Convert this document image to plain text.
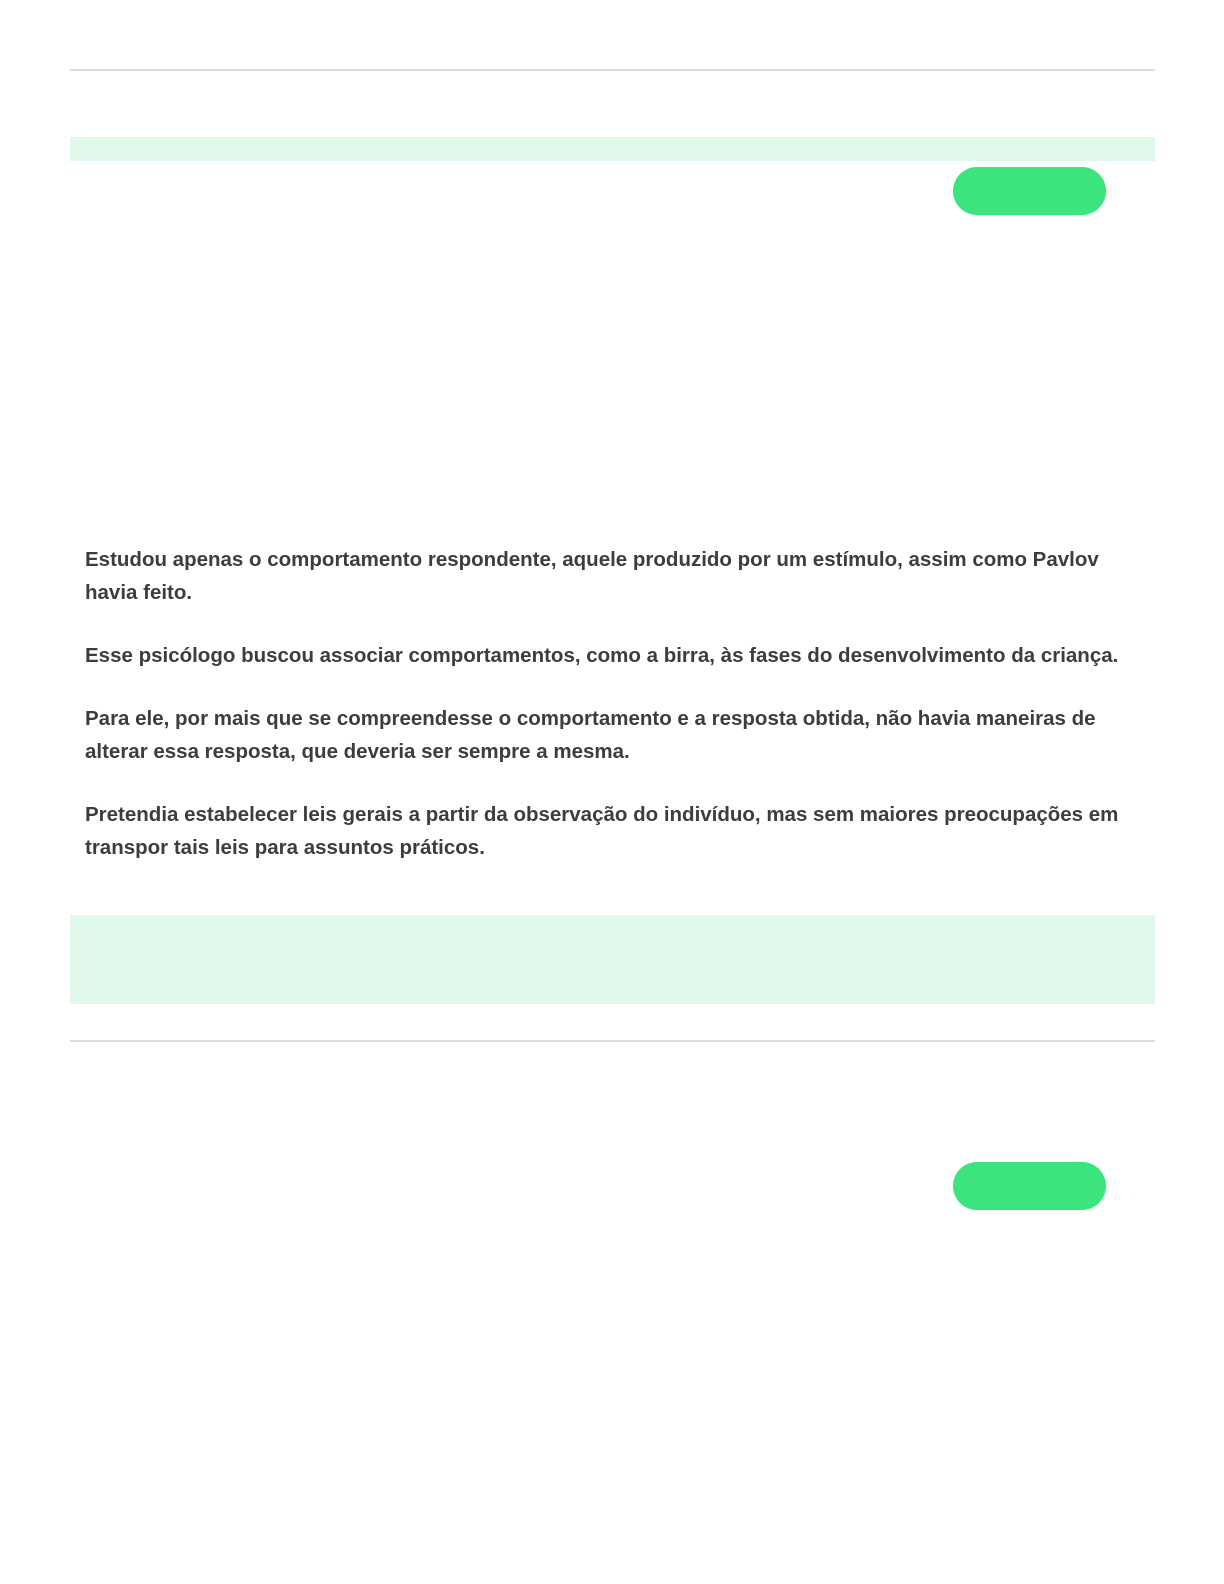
Estudou apenas o comportamento respondente, aquele produzido por um estímulo, assim como Pavlov havia feito.

Esse psicólogo buscou associar comportamentos, como a birra, às fases do desenvolvimento da criança.

Para ele, por mais que se compreendesse o comportamento e a resposta obtida, não havia maneiras de alterar essa resposta, que deveria ser sempre a mesma.

Pretendia estabelecer leis gerais a partir da observação do indivíduo, mas sem maiores preocupações em transpor tais leis para assuntos práticos.
